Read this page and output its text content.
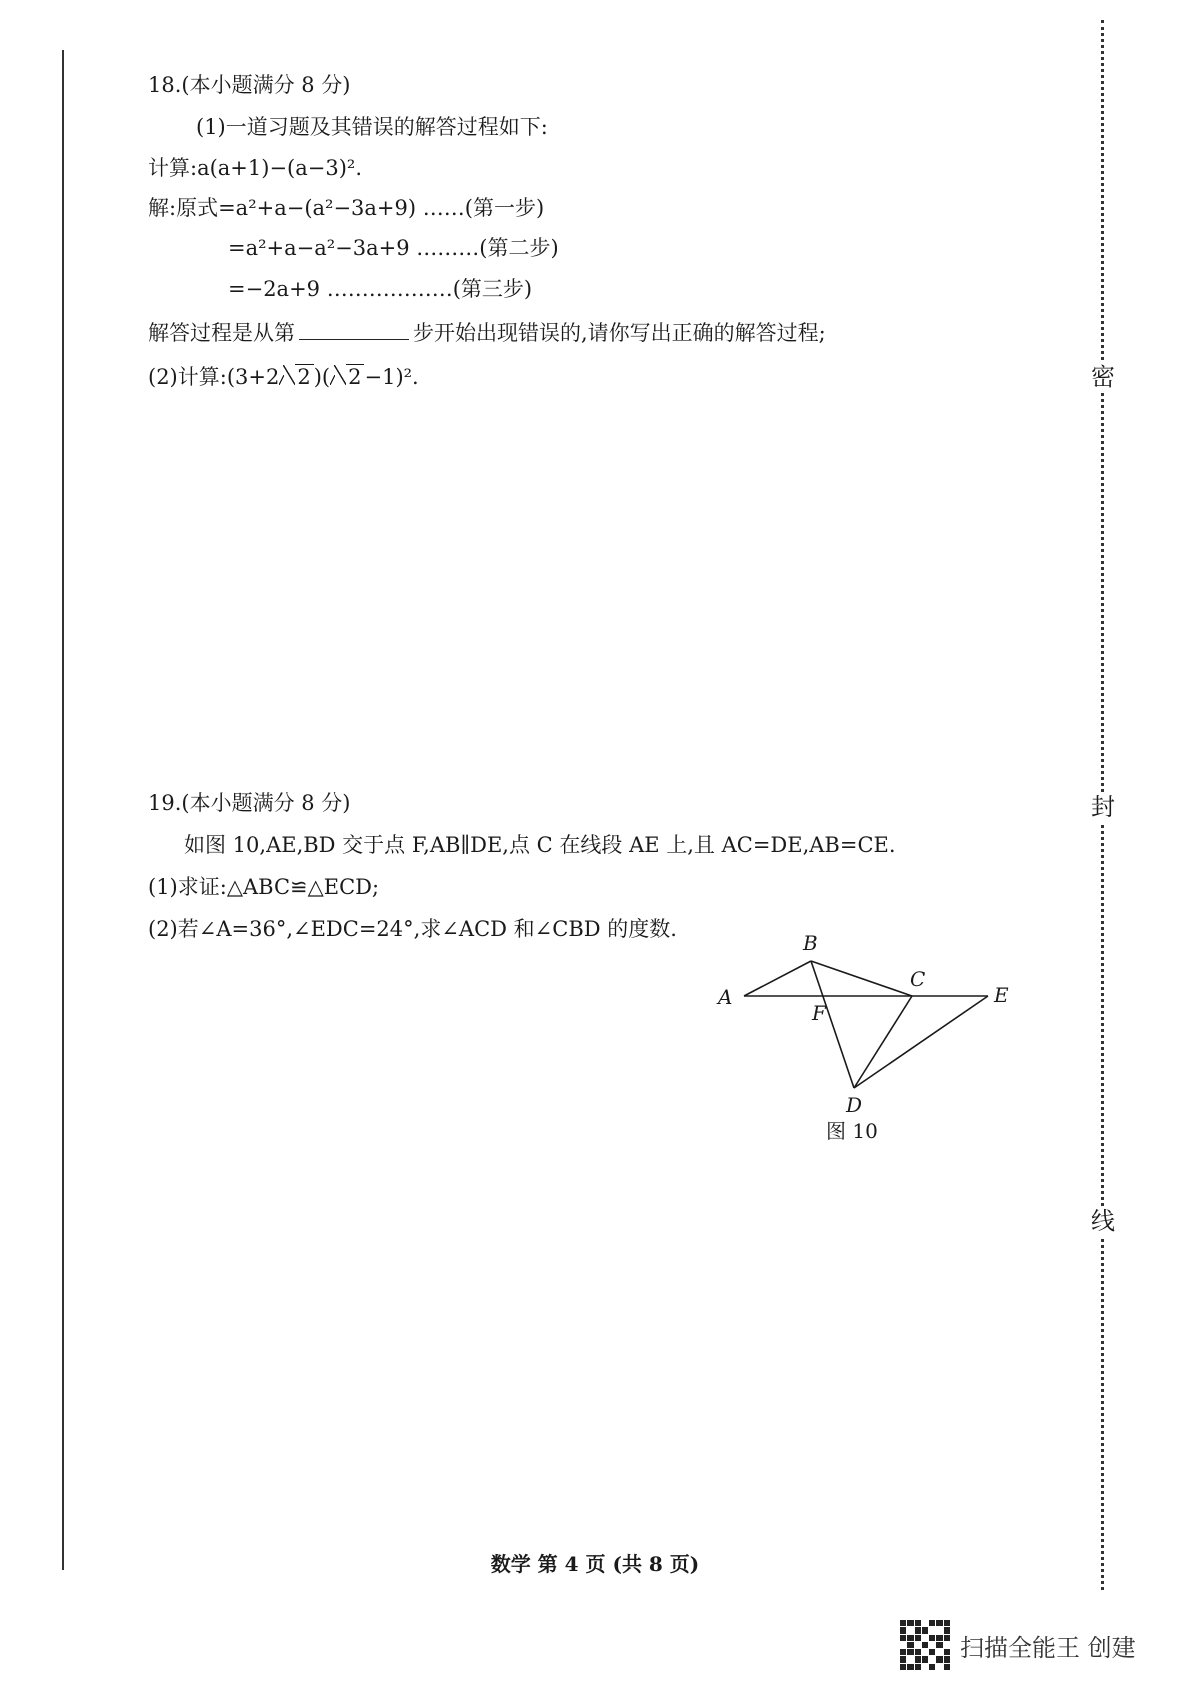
密
封
线
18.(本小题满分 8 分)
(1)一道习题及其错误的解答过程如下:
计算:a(a+1)−(a−3)².
解:原式=a²+a−(a²−3a+9) ……(第一步)
=a²+a−a²−3a+9 ………(第二步)
=−2a+9 ………………(第三步)
解答过程是从第	步开始出现错误的,请你写出正确的解答过程;
(2)计算:(3+2 2 )( 2 −1)².
19.(本小题满分 8 分)
如图 10,AE,BD 交于点 F,AB∥DE,点 C 在线段 AE 上,且 AC=DE,AB=CE.
(1)求证:△ABC≌△ECD;
(2)若∠A=36°,∠EDC=24°,求∠ACD 和∠CBD 的度数.
A
B
C
D
E
F
图 10
数学 第 4 页 (共 8 页)
扫描全能王 创建
